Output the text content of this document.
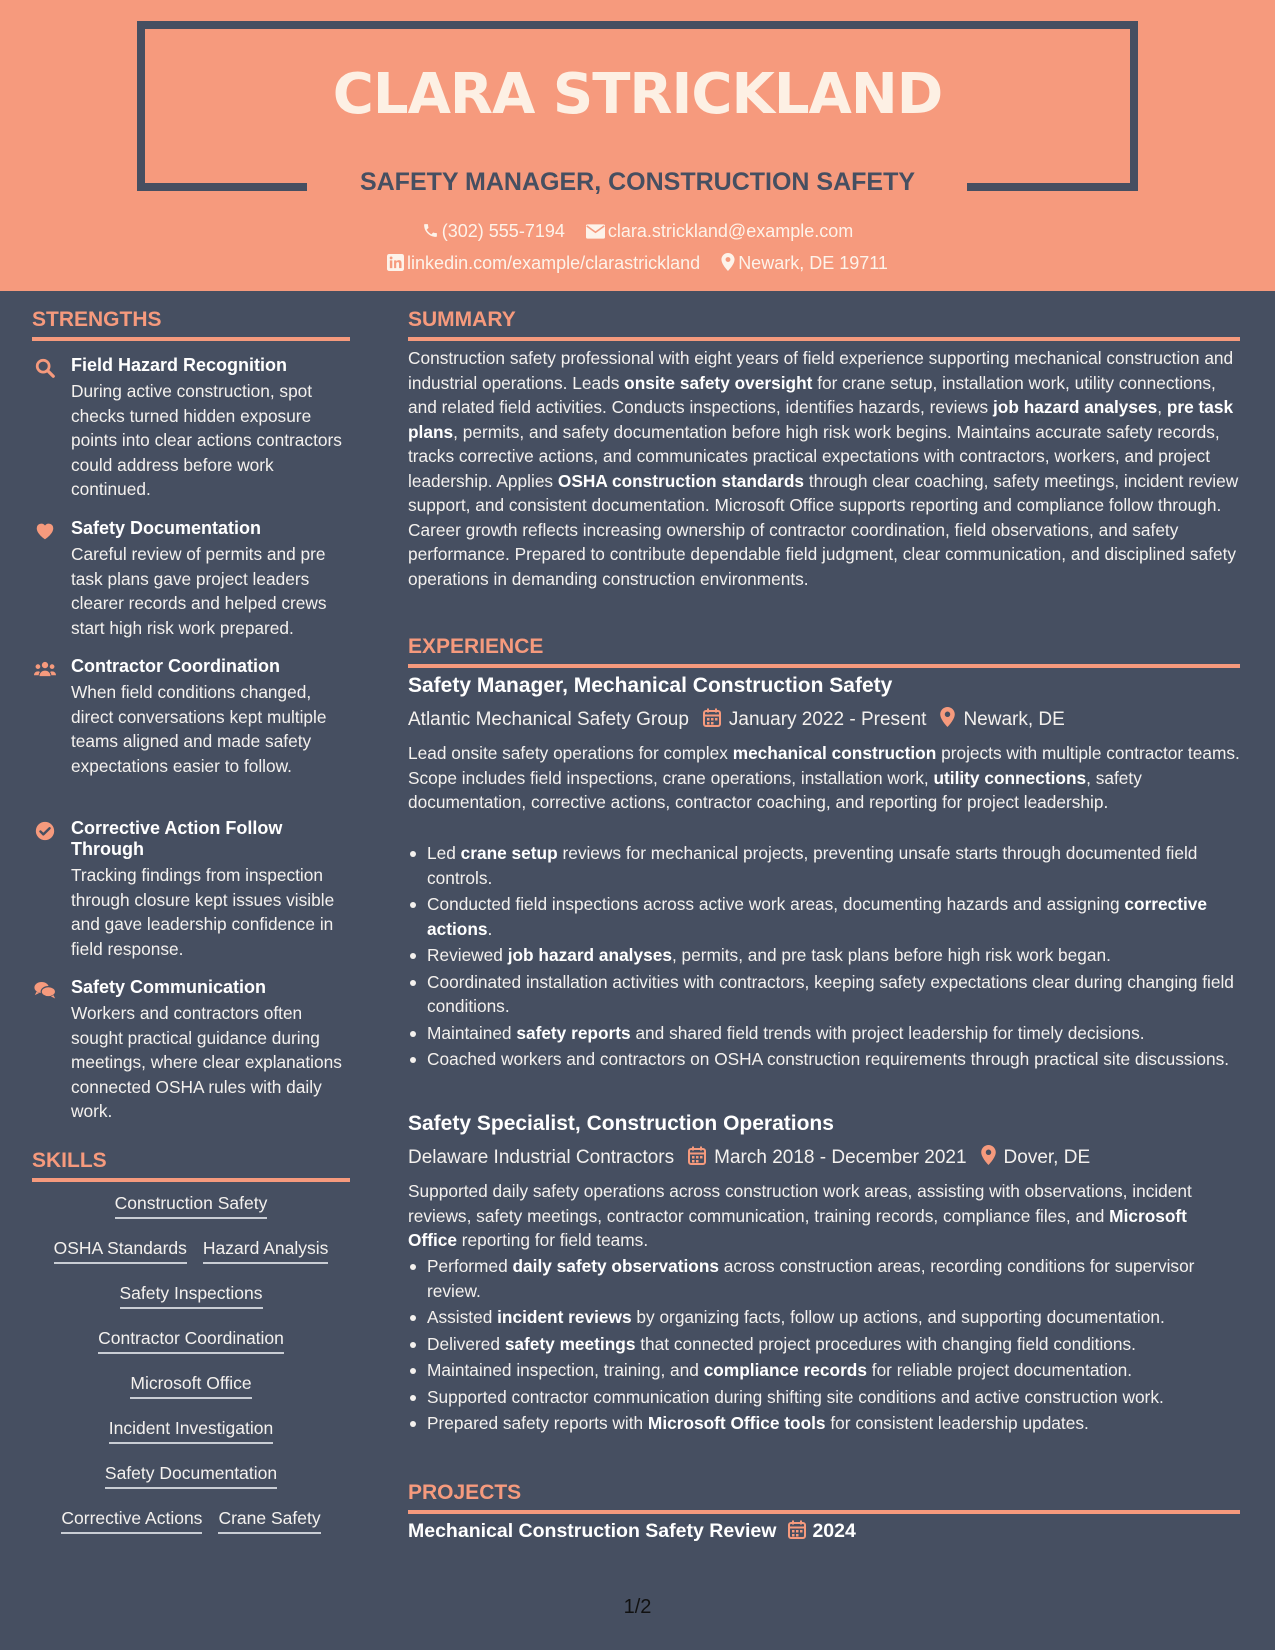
CLARA STRICKLAND
SAFETY MANAGER, CONSTRUCTION SAFETY
(302) 555-7194 clara.strickland@example.com
linkedin.com/example/clarastrickland Newark, DE 19711
STRENGTHS
Field Hazard Recognition
During active construction, spot checks turned hidden exposure points into clear actions contractors could address before work continued.
Safety Documentation
Careful review of permits and pre task plans gave project leaders clearer records and helped crews start high risk work prepared.
Contractor Coordination
When field conditions changed, direct conversations kept multiple teams aligned and made safety expectations easier to follow.
Corrective Action Follow Through
Tracking findings from inspection through closure kept issues visible and gave leadership confidence in field response.
Safety Communication
Workers and contractors often sought practical guidance during meetings, where clear explanations connected OSHA rules with daily work.
SKILLS
Construction Safety
OSHA Standards Hazard Analysis
Safety Inspections
Contractor Coordination
Microsoft Office
Incident Investigation
Safety Documentation
Corrective Actions Crane Safety
SUMMARY
Construction safety professional with eight years of field experience supporting mechanical construction and industrial operations. Leads onsite safety oversight for crane setup, installation work, utility connections, and related field activities. Conducts inspections, identifies hazards, reviews job hazard analyses, pre task plans, permits, and safety documentation before high risk work begins. Maintains accurate safety records, tracks corrective actions, and communicates practical expectations with contractors, workers, and project leadership. Applies OSHA construction standards through clear coaching, safety meetings, incident review support, and consistent documentation. Microsoft Office supports reporting and compliance follow through. Career growth reflects increasing ownership of contractor coordination, field observations, and safety performance. Prepared to contribute dependable field judgment, clear communication, and disciplined safety operations in demanding construction environments.
EXPERIENCE
Safety Manager, Mechanical Construction Safety
Atlantic Mechanical Safety Group January 2022 - Present Newark, DE
Lead onsite safety operations for complex mechanical construction projects with multiple contractor teams. Scope includes field inspections, crane operations, installation work, utility connections, safety documentation, corrective actions, contractor coaching, and reporting for project leadership.
Led crane setup reviews for mechanical projects, preventing unsafe starts through documented field controls.
Conducted field inspections across active work areas, documenting hazards and assigning corrective actions.
Reviewed job hazard analyses, permits, and pre task plans before high risk work began.
Coordinated installation activities with contractors, keeping safety expectations clear during changing field conditions.
Maintained safety reports and shared field trends with project leadership for timely decisions.
Coached workers and contractors on OSHA construction requirements through practical site discussions.
Safety Specialist, Construction Operations
Delaware Industrial Contractors March 2018 - December 2021 Dover, DE
Supported daily safety operations across construction work areas, assisting with observations, incident reviews, safety meetings, contractor communication, training records, compliance files, and Microsoft Office reporting for field teams.
Performed daily safety observations across construction areas, recording conditions for supervisor review.
Assisted incident reviews by organizing facts, follow up actions, and supporting documentation.
Delivered safety meetings that connected project procedures with changing field conditions.
Maintained inspection, training, and compliance records for reliable project documentation.
Supported contractor communication during shifting site conditions and active construction work.
Prepared safety reports with Microsoft Office tools for consistent leadership updates.
PROJECTS
Mechanical Construction Safety Review 2024
1/2
